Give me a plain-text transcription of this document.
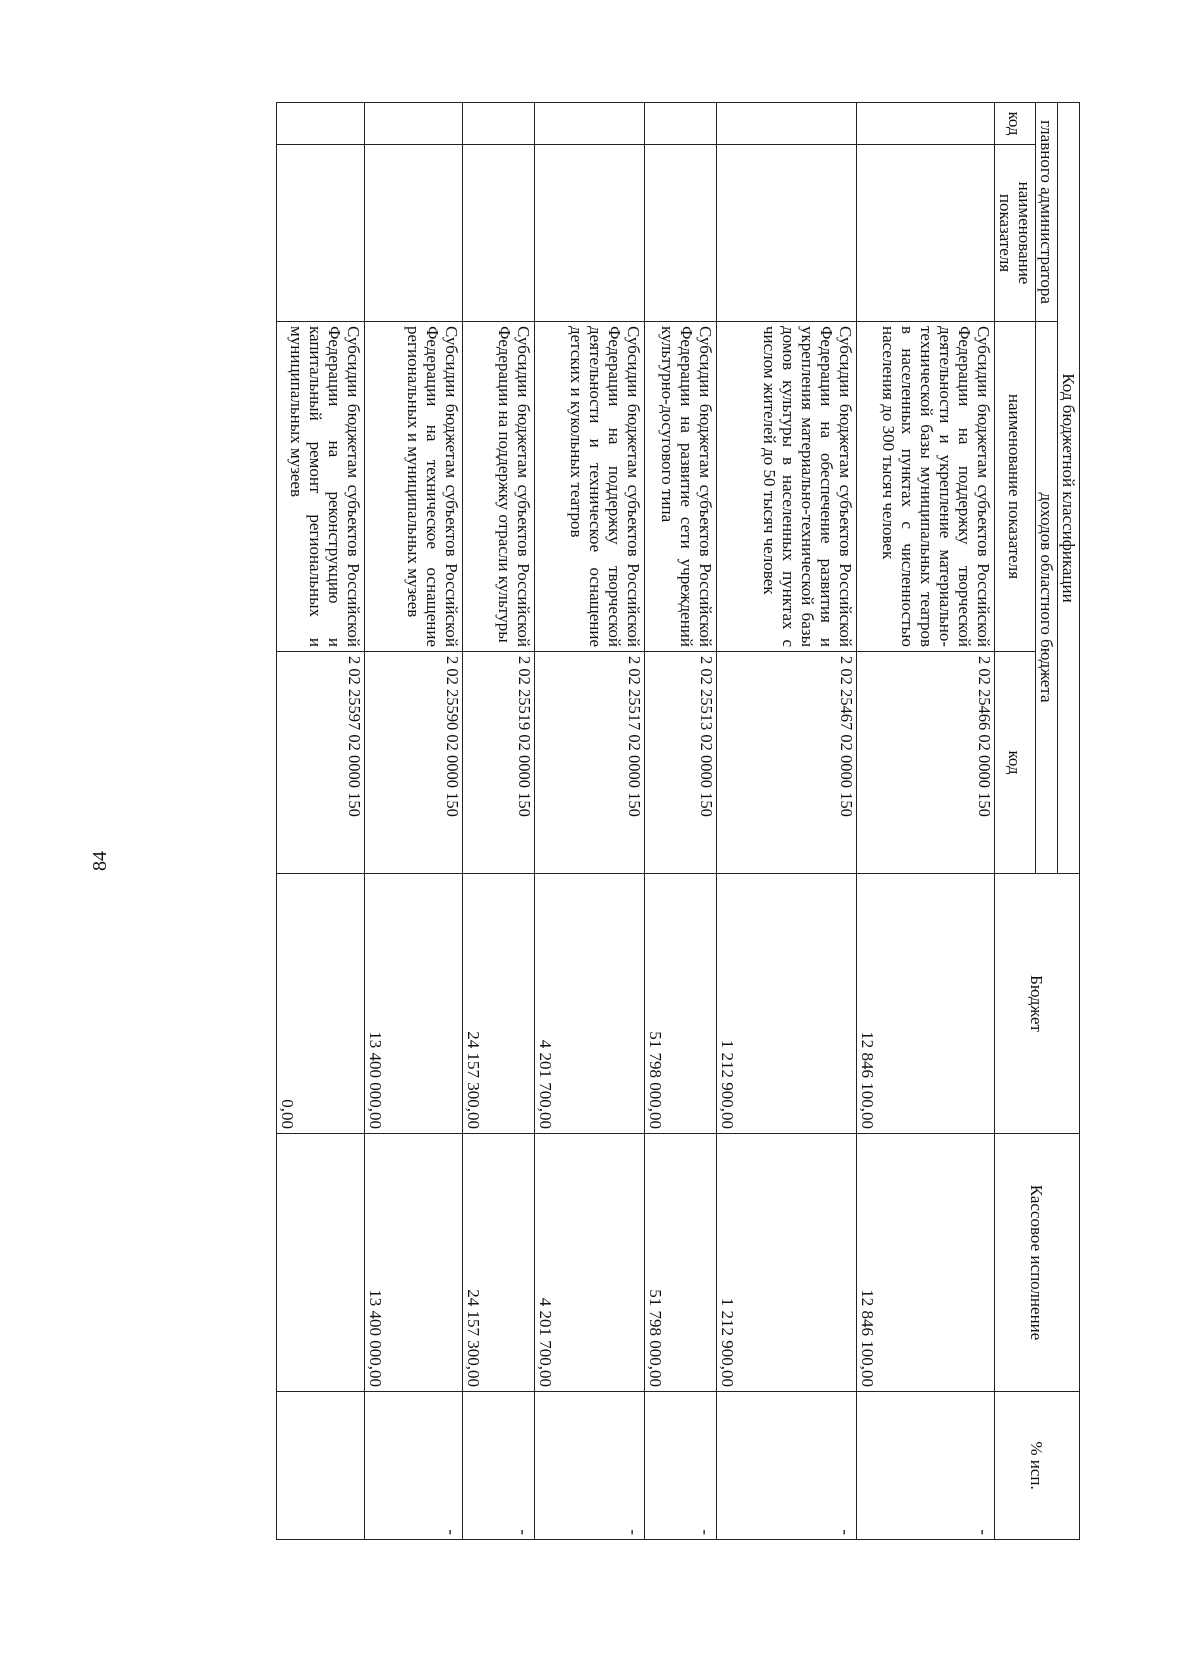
84
Код бюджетной классификации				Бюджет	Кассовое исполнение	% исп.
главного администратора		доходов областного бюджета				
код	наименование показателя	наименование показателя	код			
		Субсидии бюджетам субъектов Российской Федерации на поддержку творческой деятельности и укрепление материально-технической базы муниципальных театров в населенных пунктах с численностью населения до 300 тысяч человек	2 02 25466 02 0000 150	12 846 100,00	12 846 100,00	-
		Субсидии бюджетам субъектов Российской Федерации на обеспечение развития и укрепления материально-технической базы домов культуры в населенных пунктах с числом жителей до 50 тысяч человек	2 02 25467 02 0000 150	1 212 900,00	1 212 900,00	-
		Субсидии бюджетам субъектов Российской Федерации на развитие сети учреждений культурно-досугового типа	2 02 25513 02 0000 150	51 798 000,00	51 798 000,00	-
		Субсидии бюджетам субъектов Российской Федерации на поддержку творческой деятельности и техническое оснащение детских и кукольных театров	2 02 25517 02 0000 150	4 201 700,00	4 201 700,00	-
		Субсидии бюджетам субъектов Российской Федерации на поддержку отрасли культуры	2 02 25519 02 0000 150	24 157 300,00	24 157 300,00	-
		Субсидии бюджетам субъектов Российской Федерации на техническое оснащение региональных и муниципальных музеев	2 02 25590 02 0000 150	13 400 000,00	13 400 000,00	-
		Субсидии бюджетам субъектов Российской Федерации на реконструкцию и капитальный ремонт региональных и муниципальных музеев	2 02 25597 02 0000 150	0,00		
